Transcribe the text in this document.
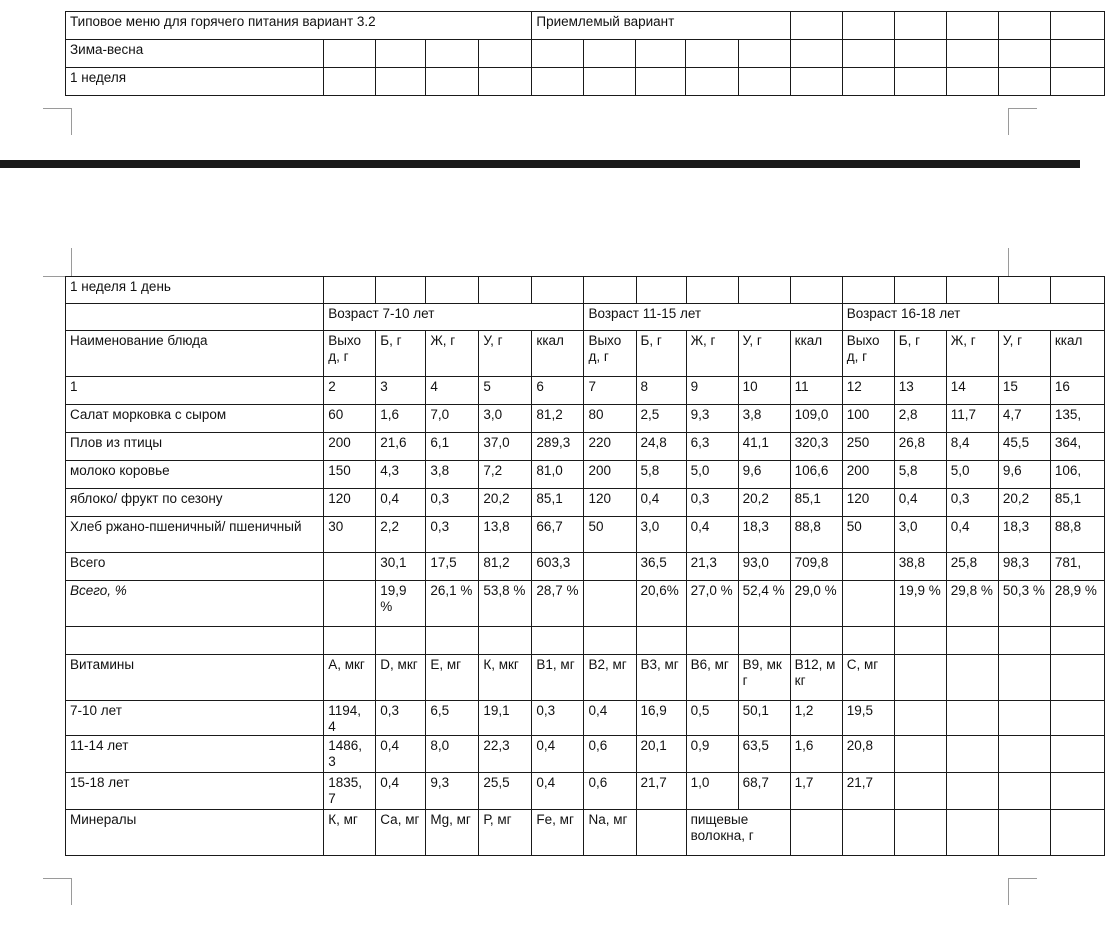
Типовое меню для горячего питания вариант 3.2					Приемлемый вариант										
Зима-весна															
1 неделя															
1 неделя 1 день															
	Возраст 7-10 лет					Возраст 11-15 лет					Возраст 16-18 лет				
Наименование блюда	Выход, г	Б, г	Ж, г	У, г	ккал	Выход, г	Б, г	Ж, г	У, г	ккал	Выход, г	Б, г	Ж, г	У, г	ккал
1	2	3	4	5	6	7	8	9	10	11	12	13	14	15	16
Салат морковка с сыром	60	1,6	7,0	3,0	81,2	80	2,5	9,3	3,8	109,0	100	2,8	11,7	4,7	135,
Плов из птицы	200	21,6	6,1	37,0	289,3	220	24,8	6,3	41,1	320,3	250	26,8	8,4	45,5	364,
молоко коровье	150	4,3	3,8	7,2	81,0	200	5,8	5,0	9,6	106,6	200	5,8	5,0	9,6	106,
яблоко/ фрукт по сезону	120	0,4	0,3	20,2	85,1	120	0,4	0,3	20,2	85,1	120	0,4	0,3	20,2	85,1
Хлеб ржано-пшеничный/ пшеничный	30	2,2	0,3	13,8	66,7	50	3,0	0,4	18,3	88,8	50	3,0	0,4	18,3	88,8
Всего		30,1	17,5	81,2	603,3		36,5	21,3	93,0	709,8		38,8	25,8	98,3	781,
Всего, %		19,9 %	26,1 %	53,8 %	28,7 %		20,6%	27,0 %	52,4 %	29,0 %		19,9 %	29,8 %	50,3 %	28,9 %

Витамины	А, мкг	D, мкг	Е, мг	К, мкг	В1, мг	В2, мг	В3, мг	В6, мг	В9, мкг	В12, мкг	С, мг				
7-10 лет	1194, 4	0,3	6,5	19,1	0,3	0,4	16,9	0,5	50,1	1,2	19,5				
11-14 лет	1486, 3	0,4	8,0	22,3	0,4	0,6	20,1	0,9	63,5	1,6	20,8				
15-18 лет	1835, 7	0,4	9,3	25,5	0,4	0,6	21,7	1,0	68,7	1,7	21,7				
Минералы	К, мг	Са, мг	Mg, мг	Р, мг	Fe, мг	Na, мг		пищевые волокна, г							
